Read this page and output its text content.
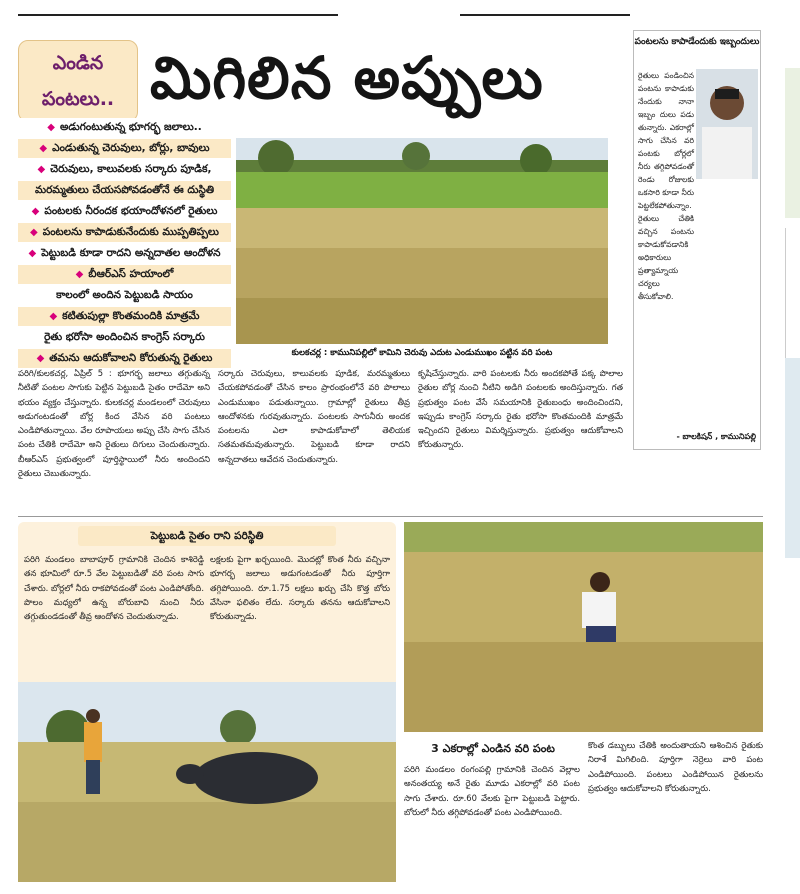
ఎండిన
పంటలు.. మిగిలిన అప్పులు
◆ అడుగంటుతున్న భూగర్భ జలాలు..
◆ ఎండుతున్న చెరువులు, బోర్లు, బావులు
◆ చెరువులు, కాలువలకు సర్కారు పూడిక,
మరమ్మతులు చేయసపోవడంతోనే ఈ దుస్థితి
◆ పంటలకు నీరందక భయాందోళనలో రైతులు
◆ పంటలను కాపాడుకునేందుకు ముప్పతిప్పలు
◆ పెట్టుబడి కూడా రాదని అన్నదాతల ఆందోళన
◆ బీఆర్ఎస్ హయాంలో
కాలంలో అందిన పెట్టుబడి సాయం
◆ కటితుపుల్లా కొంతమందికి మాత్రమే
రైతు భరోసా అందించిన కాంగ్రెస్ సర్కారు
◆ తమను ఆదుకోవాలని కోరుతున్న రైతులు	కులకచర్ల : కామునిపల్లిలో కామిని చెరువు ఎదుట ఎండుముఖం పట్టిన వరి పంట
పరిగి/కులకచర్ల, ఏప్రిల్ 5 : భూగర్భ జలాలు తగ్గుతున్న నీటితో పంటల సాగుకు పెట్టిన పెట్టుబడి సైతం రాదేమో అని భయం వ్యక్తం చేస్తున్నారు. కులకచర్ల మండలంలో చెరువులు అడుగంటడంతో బోర్ల కింద వేసిన వరి పంటలు ఎండిపోతున్నాయి. వేల రూపాయలు అప్పు చేసి సాగు చేసిన పంట చేతికి రాదేమో అని రైతులు దిగులు చెందుతున్నారు. బీఆర్ఎస్ ప్రభుత్వంలో పూర్తిస్థాయిలో నీరు అందిందని రైతులు చెబుతున్నారు.
సర్కారు చెరువులు, కాలువలకు పూడిక, మరమ్మతులు చేయకపోవడంతో చేసిన కాలం ప్రారంభంలోనే వరి పొలాలు ఎండుముఖం పడుతున్నాయి. గ్రామాల్లో రైతులు తీవ్ర ఆందోళనకు గురవుతున్నారు. పంటలకు సాగునీరు అందక పంటలను ఎలా కాపాడుకోవాలో తెలియక సతమతమవుతున్నారు. పెట్టుబడి కూడా రాదని అన్నదాతలు ఆవేదన చెందుతున్నారు.
కృషిచేస్తున్నారు. వారి పంటలకు నీరు అందకపోతే పక్క పొలాల రైతుల బోర్ల నుంచి నీటిని అడిగి పంటలకు అందిస్తున్నారు. గత ప్రభుత్వం పంట వేసే సమయానికి రైతుబంధు అందించిందని, ఇప్పుడు కాంగ్రెస్ సర్కారు రైతు భరోసా కొంతమందికి మాత్రమే ఇచ్చిందని రైతులు విమర్శిస్తున్నారు. ప్రభుత్వం ఆదుకోవాలని కోరుతున్నారు.
పంటలను కాపాడేందుకు ఇబ్బందులు
రైతులు పండించిన పంటను కాపాడుకు నేందుకు నానా ఇబ్బం దులు పడు తున్నారు. ఎకరాల్లో సాగు చేసిన వరి పంటకు బోర్లలో నీరు తగ్గిపోవడంతో రెండు రోజులకు ఒకసారి కూడా నీరు పెట్టలేకపోతున్నాం. రైతులు చేతికి వచ్చిన పంటను కాపాడుకోవడానికి అధికారులు ప్రత్యామ్నాయ చర్యలు తీసుకోవాలి.
- బాలకిషన్ , కామునిపల్లి
పెట్టుబడి సైతం రాని పరిస్థితి
పరిగి మండలం బాబాపూర్ గ్రామానికి చెందిన కాశిరెడ్డి తన భూమిలో రూ.5 వేల పెట్టుబడితో వరి పంట సాగు చేశారు. బోర్లలో నీరు రాకపోవడంతో పంట ఎండిపోతోంది. పొలం మధ్యలో ఉన్న బోరుబావి నుంచి నీరు తగ్గుతుండడంతో తీవ్ర ఆందోళన చెందుతున్నాడు.
లక్షలకు పైగా ఖర్చయింది. మొదట్లో కొంత నీరు వచ్చినా భూగర్భ జలాలు అడుగంటడంతో నీరు పూర్తిగా తగ్గిపోయింది. రూ.1.75 లక్షలు ఖర్చు చేసి కొత్త బోరు వేసినా ఫలితం లేదు. సర్కారు తనను ఆదుకోవాలని కోరుతున్నాడు.
3 ఎకరాల్లో ఎండిన వరి పంట
పరిగి మండలం రంగంపల్లి గ్రామానికి చెందిన వెల్లాల అనంతయ్య అనే రైతు మూడు ఎకరాల్లో వరి పంట సాగు చేశారు. రూ.60 వేలకు పైగా పెట్టుబడి పెట్టారు. బోరులో నీరు తగ్గిపోవడంతో పంట ఎండిపోయింది.
కొంత డబ్బులు చేతికి అందుతాయని ఆశించిన రైతుకు నిరాశే మిగిలింది. పూర్తిగా నెర్రెలు వారి పంట ఎండిపోయింది. పంటలు ఎండిపోయిన రైతులను ప్రభుత్వం ఆదుకోవాలని కోరుతున్నారు.
